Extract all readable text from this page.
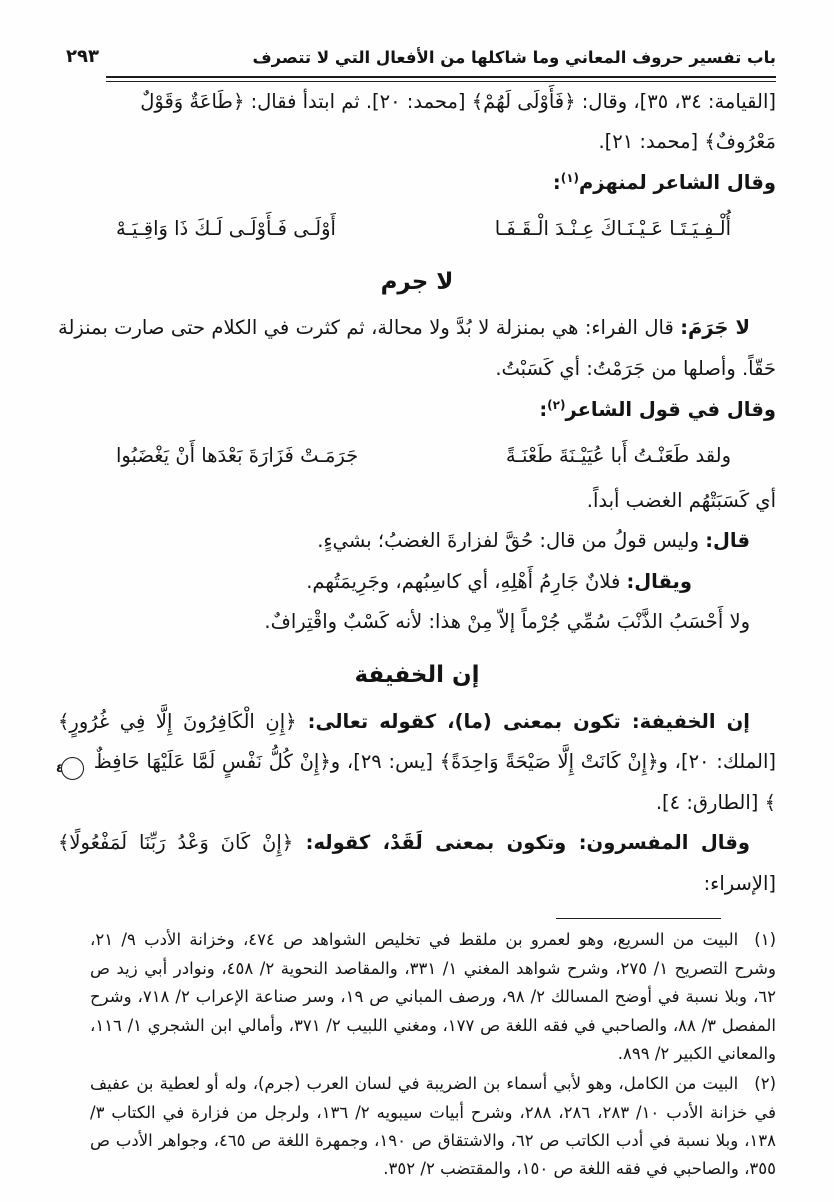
باب تفسير حروف المعاني وما شاكلها من الأفعال التي لا تتصرف
٢٩٣

[القيامة: ٣٤، ٣٥]، وقال: ﴿فَأَوْلَى لَهُمْ﴾ [محمد: ٢٠]. ثم ابتدأ فقال: ﴿طَاعَةٌ وَقَوْلٌ
مَعْرُوفٌ﴾ [محمد: ٢١].

وقال الشاعر لمنهزم$^{(١)}$:

أُلْـفِـيَـتَـا عَـيْـنَـاكَ عِـنْـدَ الْـقَـفَـا
أَوْلَـى فَـأَوْلَـى لَـكَ ذَا وَاقِـيَـهْ
لا جرم

لا جَرَمَ: قال الفراء: هي بمنزلة لا بُدَّ ولا محالة، ثم كثرت في الكلام حتى صارت بمنزلة حَقّاً. وأصلها من جَرَمْتُ: أي كَسَبْتُ.

وقال في قول الشاعر$^{(٢)}$:

ولقد طَعَنْـتُ أَبا عُيَيْـنَةَ طَعْنَـةً
جَرَمَـتْ فَزَارَةَ بَعْدَها أَنْ يَغْضَبُوا

أي كَسَبَتْهُم الغضب أبداً.

قال: وليس قولُ من قال: حُقَّ لفزارةَ الغضبُ؛ بشيءٍ.

ويقال: فلانٌ جَارِمُ أَهْلِهِ، أي كاسِبُهم، وجَرِيمَتُهم.

ولا أَحْسَبُ الذَّنْبَ سُمِّي جُرْماً إلاّ مِنْ هذا: لأنه كَسْبٌ واقْتِرافٌ.

إن الخفيفة

إن الخفيفة: تكون بمعنى (ما)، كقوله تعالى: ﴿إِنِ الْكَافِرُونَ إِلَّا فِي غُرُورٍ﴾ [الملك: ٢٠]، و﴿إِنْ كَانَتْ إِلَّا صَيْحَةً وَاحِدَةً﴾ [يس: ٢٩]، و﴿إِنْ كُلُّ نَفْسٍ لَمَّا عَلَيْهَا حَافِظٌ ٤﴾ [الطارق: ٤].

وقال المفسرون: وتكون بمعنى لَقَدْ، كقوله: ﴿إِنْ كَانَ وَعْدُ رَبِّنَا لَمَفْعُولًا﴾ [الإسراء:

(١)البيت من السريع، وهو لعمرو بن ملقط في تخليص الشواهد ص ٤٧٤، وخزانة الأدب ٩/ ٢١، وشرح التصريح ١/ ٢٧٥، وشرح شواهد المغني ١/ ٣٣١، والمقاصد النحوية ٢/ ٤٥٨، ونوادر أبي زيد ص ٦٢، وبلا نسبة في أوضح المسالك ٢/ ٩٨، ورصف المباني ص ١٩، وسر صناعة الإعراب ٢/ ٧١٨، وشرح المفصل ٣/ ٨٨، والصاحبي في فقه اللغة ص ١٧٧، ومغني اللبيب ٢/ ٣٧١، وأمالي ابن الشجري ١/ ١١٦، والمعاني الكبير ٢/ ٨٩٩.

(٢)البيت من الكامل، وهو لأبي أسماء بن الضريبة في لسان العرب (جرم)، وله أو لعطية بن عفيف في خزانة الأدب ١٠/ ٢٨٣، ٢٨٦، ٢٨٨، وشرح أبيات سيبويه ٢/ ١٣٦، ولرجل من فزارة في الكتاب ٣/ ١٣٨، وبلا نسبة في أدب الكاتب ص ٦٢، والاشتقاق ص ١٩٠، وجمهرة اللغة ص ٤٦٥، وجواهر الأدب ص ٣٥٥، والصاحبي في فقه اللغة ص ١٥٠، والمقتضب ٢/ ٣٥٢.
